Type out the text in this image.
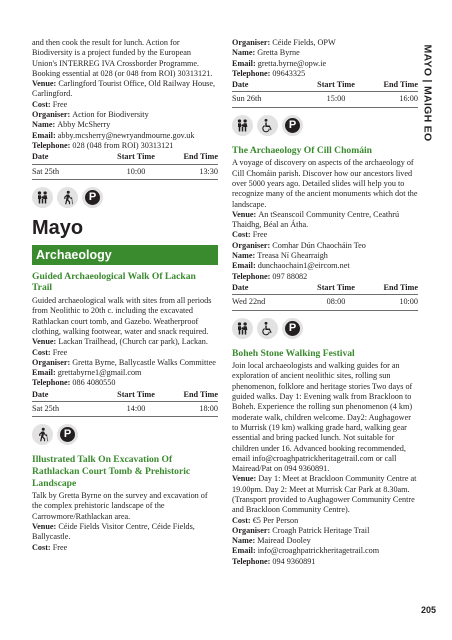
and then cook the result for lunch. Action for Biodiversity is a project funded by the European Union's INTERREG IVA Crossborder Programme. Booking essential at 028 (or 048 from ROI) 30313121.

Venue: Carlingford Tourist Office, Old Railway House, Carlingford.

Cost: Free

Organiser: Action for Biodiversity

Name: Abby McSherry

Email: abby.mcsherry@newryandmourne.gov.uk

Telephone: 028 (048 from ROI) 30313121

Date	Start Time	End Time
Sat 25th	10:00	13:30
P
Mayo
Archaeology
Guided Archaeological Walk Of Lackan Trail

Guided archaeological walk with sites from all periods from Neolithic to 20th c. including the excavated Rathlackan court tomb, and Gazebo. Weatherproof clothing, walking footwear, water and snack required.

Venue: Lackan Trailhead, (Church car park), Lackan.

Cost: Free

Organiser: Gretta Byrne, Ballycastle Walks Committee

Email: grettabyrne1@gmail.com

Telephone: 086 4080550

Date	Start Time	End Time
Sat 25th	14:00	18:00
P
Illustrated Talk On Excavation Of Rathlackan Court Tomb & Prehistoric Landscape

Talk by Gretta Byrne on the survey and excavation of the complex prehistoric landscape of the Carrowmore/Rathlackan area.

Venue: Céide Fields Visitor Centre, Céide Fields, Ballycastle.

Cost: Free

Organiser: Céide Fields, OPW

Name: Gretta Byrne

Email: gretta.byrne@opw.ie

Telephone: 09643325

Date	Start Time	End Time
Sun 26th	15:00	16:00
P
The Archaeology Of Cill Chomáin

A voyage of discovery on aspects of the archaeology of Cill Chomáin parish. Discover how our ancestors lived over 5000 years ago. Detailed slides will help you to recognize many of the ancient monuments which dot the landscape.

Venue: An tSeanscoil Community Centre, Ceathrú Thaidhg, Béal an Átha.

Cost: Free

Organiser: Comhar Dún Chaocháin Teo

Name: Treasa Ní Ghearraigh

Email: dunchaochain1@eircom.net

Telephone: 097 88082

Date	Start Time	End Time
Wed 22nd	08:00	10:00
P
Boheh Stone Walking Festival

Join local archaeologists and walking guides for an exploration of ancient neolithic sites, rolling sun phenomenon, folklore and heritage stories Two days of guided walks. Day 1: Evening walk from Brackloon to Boheh. Experience the rolling sun phenomenon (4 km) moderate walk, children welcome. Day2: Aughagower to Murrisk (19 km) walking grade hard, walking gear essential and bring packed lunch. Not suitable for children under 16. Advanced booking recommended, email info@croaghpatrickheritagetrail.com or call Mairead/Pat on 094 9360891.

Venue: Day 1: Meet at Brackloon Community Centre at 19.00pm. Day 2: Meet at Murrisk Car Park at 8.30am. (Transport provided to Aughagower Community Centre and Brackloon Community Centre).

Cost: €5 Per Person

Organiser: Croagh Patrick Heritage Trail

Name: Mairead Dooley

Email: info@croaghpatrickheritagetrail.com

Telephone: 094 9360891

MAYO | MAIGH EO
205
